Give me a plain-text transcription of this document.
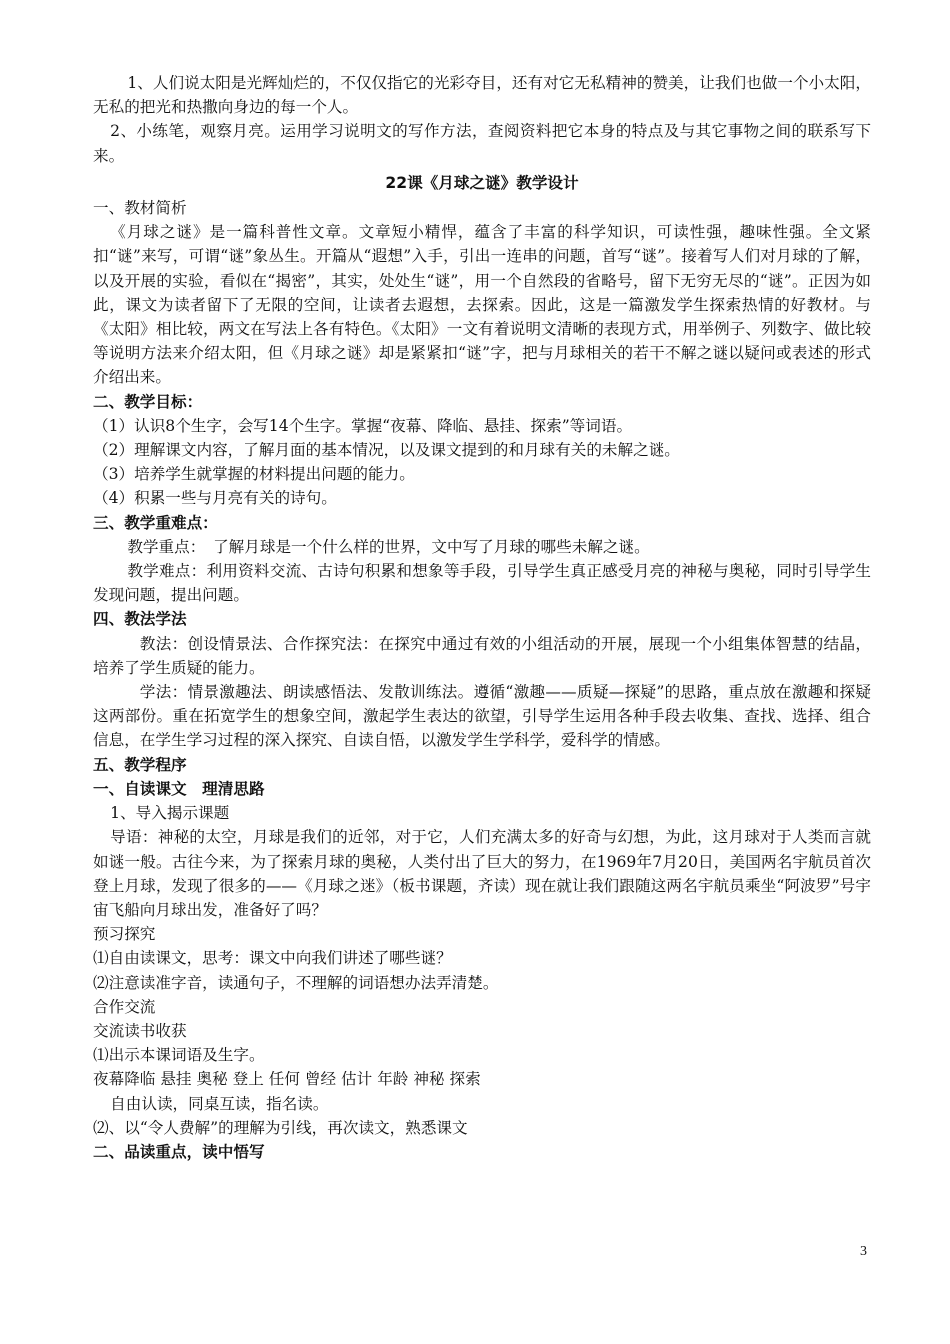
1、人们说太阳是光辉灿烂的，不仅仅指它的光彩夺目，还有对它无私精神的赞美，让我们也做一个小太阳，无私的把光和热撒向身边的每一个人。

2、小练笔，观察月亮。运用学习说明文的写作方法，查阅资料把它本身的特点及与其它事物之间的联系写下来。

22课《月球之谜》教学设计

一、教材简析

《月球之谜》是一篇科普性文章。文章短小精悍，蕴含了丰富的科学知识，可读性强，趣味性强。全文紧扣“谜”来写，可谓“谜”象丛生。开篇从“遐想”入手，引出一连串的问题，首写“谜”。接着写人们对月球的了解，以及开展的实验，看似在“揭密”，其实，处处生“谜”，用一个自然段的省略号，留下无穷无尽的“谜”。正因为如此，课文为读者留下了无限的空间，让读者去遐想，去探索。因此，这是一篇激发学生探索热情的好教材。与《太阳》相比较，两文在写法上各有特色。《太阳》一文有着说明文清晰的表现方式，用举例子、列数字、做比较等说明方法来介绍太阳，但《月球之谜》却是紧紧扣“谜”字，把与月球相关的若干不解之谜以疑问或表述的形式介绍出来。

二、教学目标：

（1）认识8个生字，会写14个生字。掌握“夜幕、降临、悬挂、探索”等词语。

（2）理解课文内容，了解月面的基本情况，以及课文提到的和月球有关的未解之谜。

（3）培养学生就掌握的材料提出问题的能力。

（4）积累一些与月亮有关的诗句。

三、教学重难点：

教学重点：　了解月球是一个什么样的世界，文中写了月球的哪些未解之谜。

教学难点：利用资料交流、古诗句积累和想象等手段，引导学生真正感受月亮的神秘与奥秘，同时引导学生发现问题，提出问题。

四、教法学法

教法：创设情景法、合作探究法：在探究中通过有效的小组活动的开展，展现一个小组集体智慧的结晶，培养了学生质疑的能力。

学法：情景激趣法、朗读感悟法、发散训练法。遵循“激趣——质疑—探疑”的思路，重点放在激趣和探疑这两部份。重在拓宽学生的想象空间，激起学生表达的欲望，引导学生运用各种手段去收集、查找、选择、组合信息，在学生学习过程的深入探究、自读自悟，以激发学生学科学，爱科学的情感。

五、教学程序

一、自读课文　理清思路

1、导入揭示课题

导语：神秘的太空，月球是我们的近邻，对于它，人们充满太多的好奇与幻想，为此，这月球对于人类而言就如谜一般。古往今来，为了探索月球的奥秘，人类付出了巨大的努力，在1969年7月20日，美国两名宇航员首次登上月球，发现了很多的——《月球之迷》（板书课题，齐读）现在就让我们跟随这两名宇航员乘坐“阿波罗”号宇宙飞船向月球出发，准备好了吗？

预习探究

⑴自由读课文，思考：课文中向我们讲述了哪些谜？

⑵注意读准字音，读通句子，不理解的词语想办法弄清楚。

合作交流

交流读书收获

⑴出示本课词语及生字。

夜幕降临 悬挂 奥秘 登上 任何 曾经 估计 年龄 神秘 探索

自由认读，同桌互读，指名读。

⑵、以“令人费解”的理解为引线，再次读文，熟悉课文

二、品读重点，读中悟写

3
